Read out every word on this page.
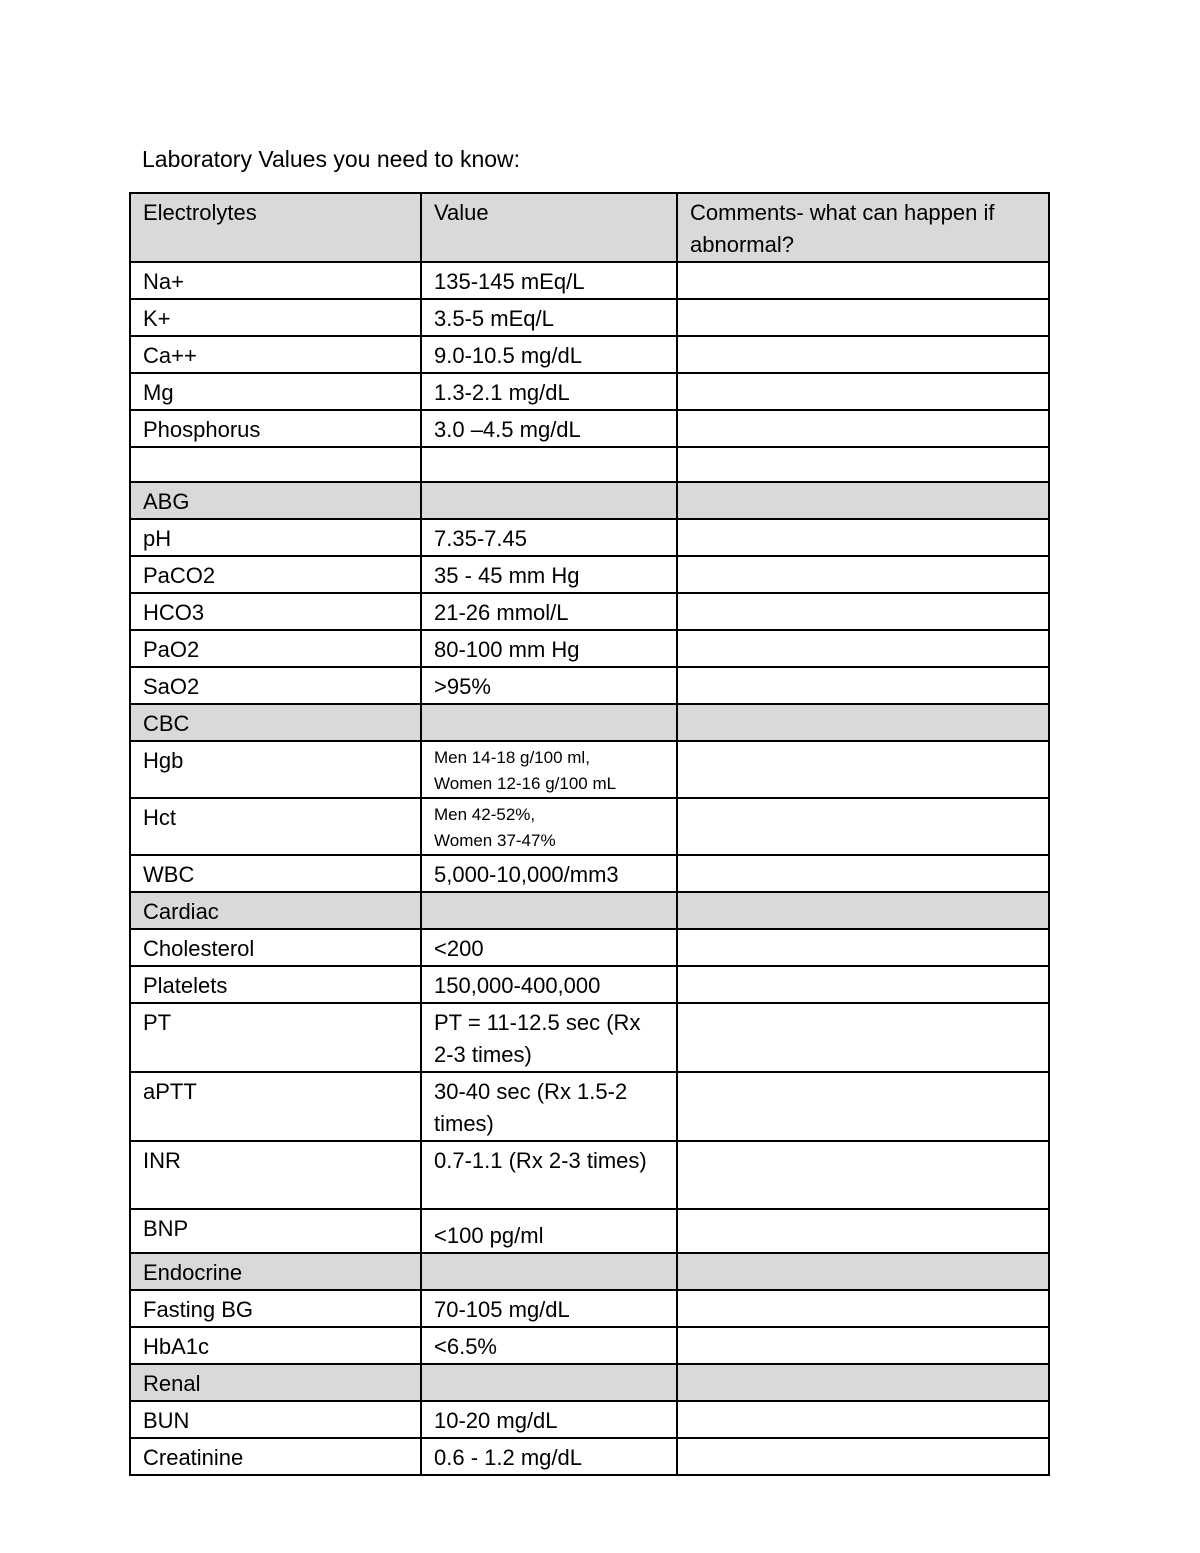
Laboratory Values you need to know:
Electrolytes	Value	Comments- what can happen if abnormal?
Na+	135-145 mEq/L	
K+	3.5-5 mEq/L	
Ca++	9.0-10.5 mg/dL	
Mg	1.3-2.1 mg/dL	
Phosphorus	3.0 –4.5 mg/dL	

ABG		
pH	7.35-7.45	
PaCO2	35 - 45 mm Hg	
HCO3	21-26 mmol/L	
PaO2	80-100 mm Hg	
SaO2	>95%	
CBC		
Hgb	Men 14-18 g/100 ml,
Women 12-16 g/100 mL	

Hct	Men 42-52%,
Women 37-47%	

WBC	5,000-10,000/mm3	
Cardiac		
Cholesterol	<200	
Platelets	150,000-400,000	
PT	PT = 11-12.5 sec (Rx 2-3 times)	
aPTT	30-40 sec (Rx 1.5-2 times)	
INR	0.7-1.1 (Rx 2-3 times)	
BNP	<100 pg/ml	
Endocrine		
Fasting BG	70-105 mg/dL	
HbA1c	<6.5%	
Renal		
BUN	10-20 mg/dL	
Creatinine	0.6 - 1.2 mg/dL	
